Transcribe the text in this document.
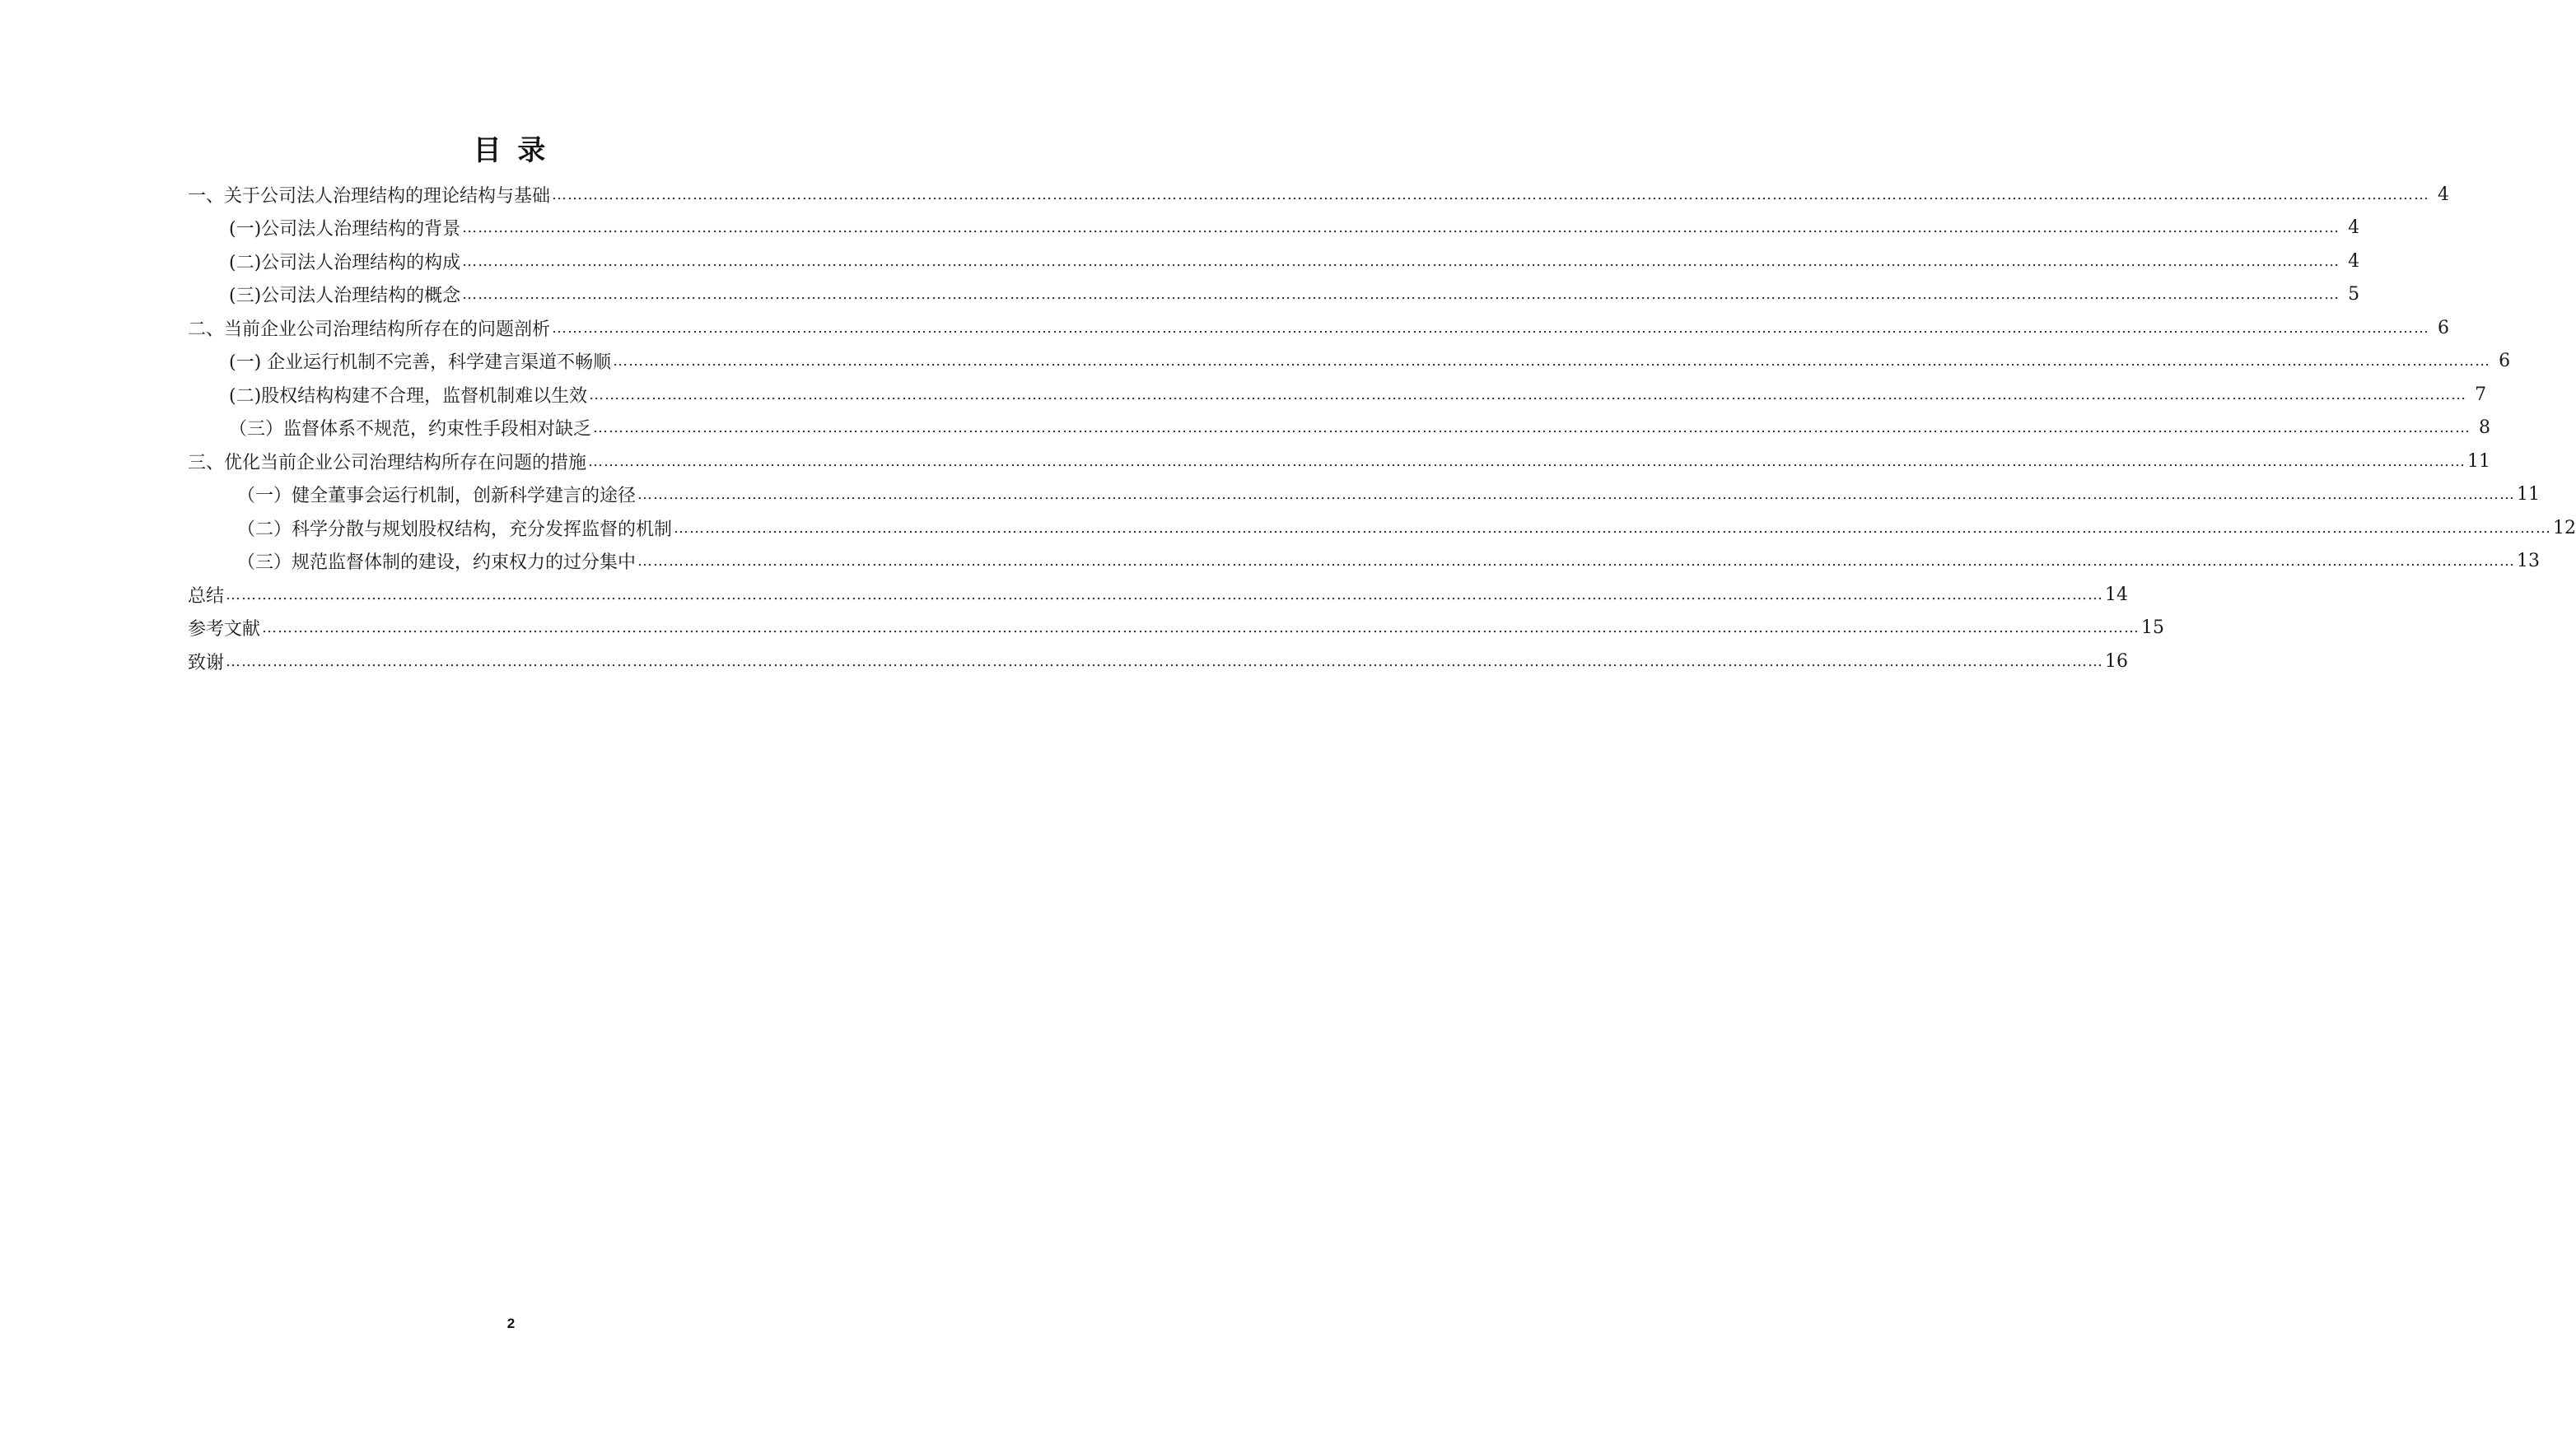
目 录
一、关于公司法人治理结构的理论结构与基础 ……………………………………………………………………………………………………………………………………………………………………………………………………………………………………………………………………………………………………………………………… 4
(一)公司法人治理结构的背景 ……………………………………………………………………………………………………………………………………………………………………………………………………………………………………………………………………………………………………………………………… 4
(二)公司法人治理结构的构成 ……………………………………………………………………………………………………………………………………………………………………………………………………………………………………………………………………………………………………………………………… 4
(三)公司法人治理结构的概念 ……………………………………………………………………………………………………………………………………………………………………………………………………………………………………………………………………………………………………………………………… 5
二、当前企业公司治理结构所存在的问题剖析 ……………………………………………………………………………………………………………………………………………………………………………………………………………………………………………………………………………………………………………………………… 6
(一) 企业运行机制不完善，科学建言渠道不畅顺 ……………………………………………………………………………………………………………………………………………………………………………………………………………………………………………………………………………………………………………………………… 6
(二)股权结构构建不合理，监督机制难以生效 ……………………………………………………………………………………………………………………………………………………………………………………………………………………………………………………………………………………………………………………………… 7
（三）监督体系不规范，约束性手段相对缺乏 ……………………………………………………………………………………………………………………………………………………………………………………………………………………………………………………………………………………………………………………………… 8
三、优化当前企业公司治理结构所存在问题的措施 ……………………………………………………………………………………………………………………………………………………………………………………………………………………………………………………………………………………………………………………………… 11
（一）健全董事会运行机制，创新科学建言的途径 ……………………………………………………………………………………………………………………………………………………………………………………………………………………………………………………………………………………………………………………………… 11
（二）科学分散与规划股权结构，充分发挥监督的机制 ……………………………………………………………………………………………………………………………………………………………………………………………………………………………………………………………………………………………………………………………… 12
（三）规范监督体制的建设，约束权力的过分集中 ……………………………………………………………………………………………………………………………………………………………………………………………………………………………………………………………………………………………………………………………… 13
总结 ……………………………………………………………………………………………………………………………………………………………………………………………………………………………………………………………………………………………………………………………… 14
参考文献 ……………………………………………………………………………………………………………………………………………………………………………………………………………………………………………………………………………………………………………………………… 15
致谢 ……………………………………………………………………………………………………………………………………………………………………………………………………………………………………………………………………………………………………………………………… 16
2
